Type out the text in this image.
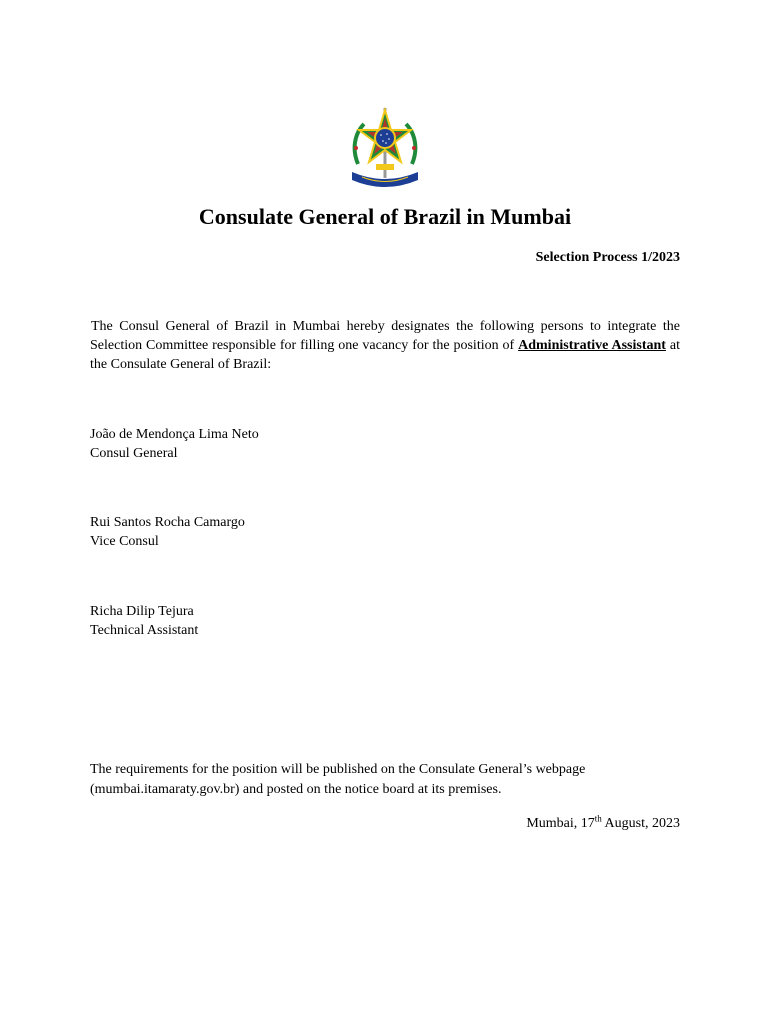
Consulate General of Brazil in Mumbai
Selection Process 1/2023
The Consul General of Brazil in Mumbai hereby designates the following persons to integrate the Selection Committee responsible for filling one vacancy for the position of Administrative Assistant at the Consulate General of Brazil:
João de Mendonça Lima Neto
Consul General
Rui Santos Rocha Camargo
Vice Consul
Richa Dilip Tejura
Technical Assistant
The requirements for the position will be published on the Consulate General’s webpage (mumbai.itamaraty.gov.br) and posted on the notice board at its premises.
Mumbai, 17th August, 2023
